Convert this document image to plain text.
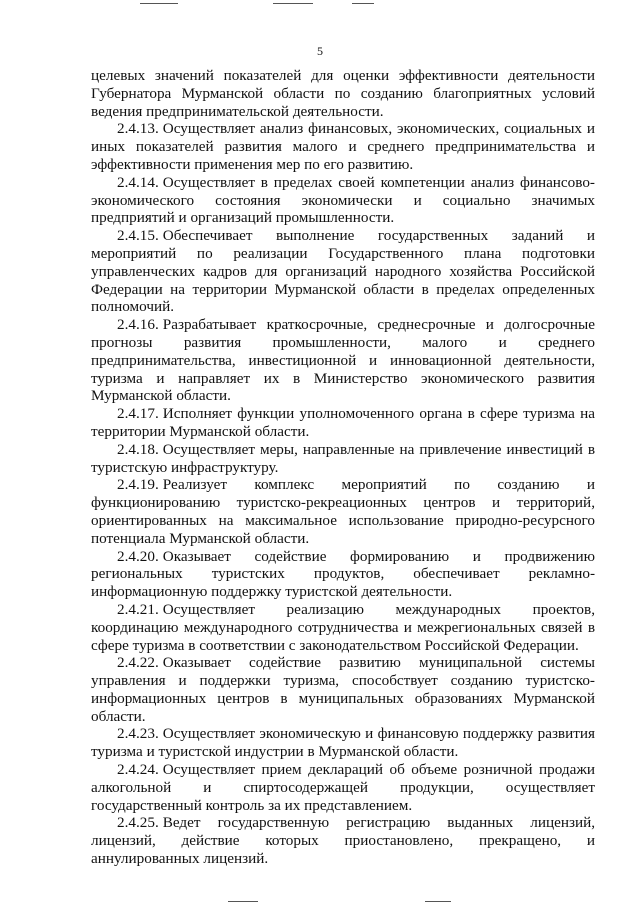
5

целевых значений показателей для оценки эффективности деятельности Губернатора Мурманской области по созданию благоприятных условий ведения предпринимательской деятельности.

2.4.13. Осуществляет анализ финансовых, экономических, социальных и иных показателей развития малого и среднего предпринимательства и эффективности применения мер по его развитию.

2.4.14. Осуществляет в пределах своей компетенции анализ финансово-экономического состояния экономически и социально значимых предприятий и организаций промышленности.

2.4.15. Обеспечивает выполнение государственных заданий и мероприятий по реализации Государственного плана подготовки управленческих кадров для организаций народного хозяйства Российской Федерации на территории Мурманской области в пределах определенных полномочий.

2.4.16. Разрабатывает краткосрочные, среднесрочные и долгосрочные прогнозы развития промышленности, малого и среднего предпринимательства, инвестиционной и инновационной деятельности, туризма и направляет их в Министерство экономического развития Мурманской области.

2.4.17. Исполняет функции уполномоченного органа в сфере туризма на территории Мурманской области.

2.4.18. Осуществляет меры, направленные на привлечение инвестиций в туристскую инфраструктуру.

2.4.19. Реализует комплекс мероприятий по созданию и функционированию туристско-рекреационных центров и территорий, ориентированных на максимальное использование природно-ресурсного потенциала Мурманской области.

2.4.20. Оказывает содействие формированию и продвижению региональных туристских продуктов, обеспечивает рекламно-информационную поддержку туристской деятельности.

2.4.21. Осуществляет реализацию международных проектов, координацию международного сотрудничества и межрегиональных связей в сфере туризма в соответствии с законодательством Российской Федерации.

2.4.22. Оказывает содействие развитию муниципальной системы управления и поддержки туризма, способствует созданию туристско-информационных центров в муниципальных образованиях Мурманской области.

2.4.23. Осуществляет экономическую и финансовую поддержку развития туризма и туристской индустрии в Мурманской области.

2.4.24. Осуществляет прием деклараций об объеме розничной продажи алкогольной и спиртосодержащей продукции, осуществляет государственный контроль за их представлением.

2.4.25. Ведет государственную регистрацию выданных лицензий, лицензий, действие которых приостановлено, прекращено, и аннулированных лицензий.
